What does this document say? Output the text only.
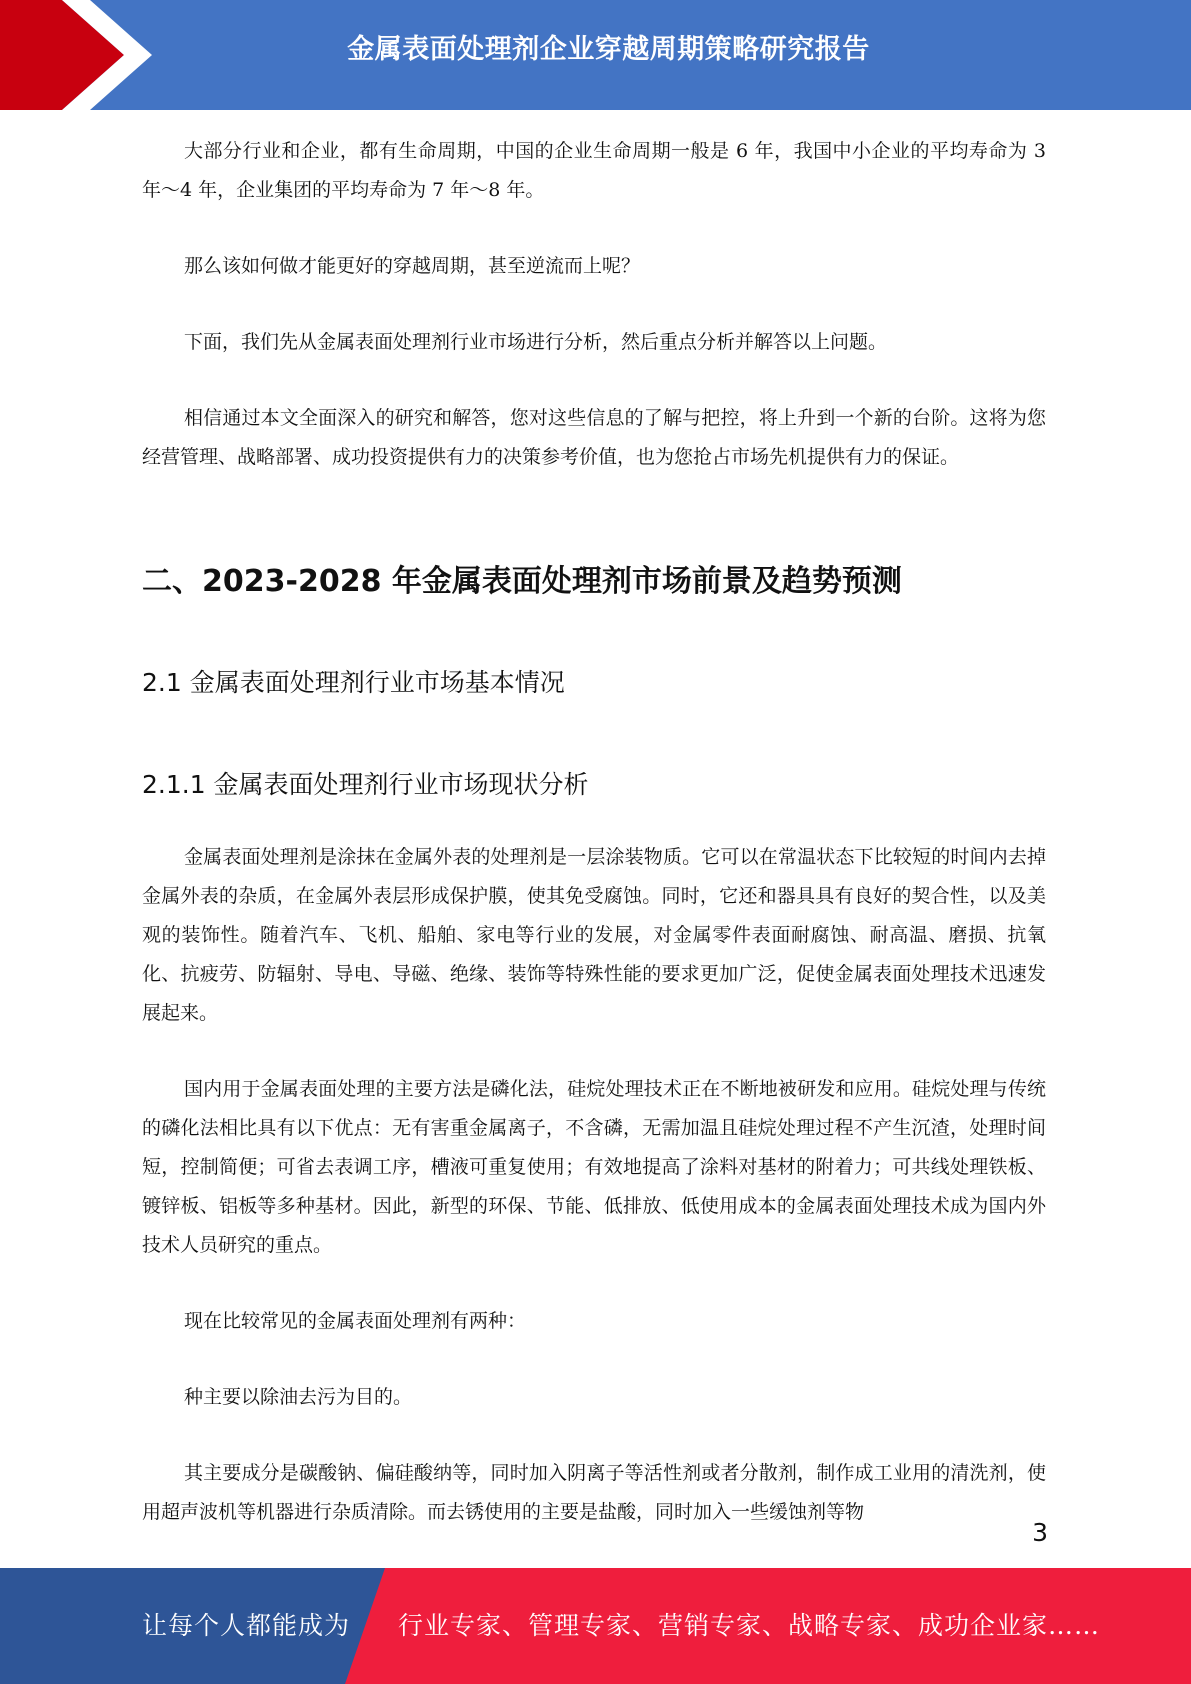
金属表面处理剂企业穿越周期策略研究报告

大部分行业和企业，都有生命周期，中国的企业生命周期一般是 6 年，我国中小企业的平均寿命为 3 年～4 年，企业集团的平均寿命为 7 年～8 年。

那么该如何做才能更好的穿越周期，甚至逆流而上呢？

下面，我们先从金属表面处理剂行业市场进行分析，然后重点分析并解答以上问题。

相信通过本文全面深入的研究和解答，您对这些信息的了解与把控，将上升到一个新的台阶。这将为您经营管理、战略部署、成功投资提供有力的决策参考价值，也为您抢占市场先机提供有力的保证。

二、2023-2028 年金属表面处理剂市场前景及趋势预测
2.1 金属表面处理剂行业市场基本情况
2.1.1 金属表面处理剂行业市场现状分析

金属表面处理剂是涂抹在金属外表的处理剂是一层涂装物质。它可以在常温状态下比较短的时间内去掉金属外表的杂质，在金属外表层形成保护膜，使其免受腐蚀。同时，它还和器具具有良好的契合性，以及美观的装饰性。随着汽车、飞机、船舶、家电等行业的发展，对金属零件表面耐腐蚀、耐高温、磨损、抗氧化、抗疲劳、防辐射、导电、导磁、绝缘、装饰等特殊性能的要求更加广泛，促使金属表面处理技术迅速发展起来。

国内用于金属表面处理的主要方法是磷化法，硅烷处理技术正在不断地被研发和应用。硅烷处理与传统的磷化法相比具有以下优点：无有害重金属离子，不含磷，无需加温且硅烷处理过程不产生沉渣，处理时间短，控制简便；可省去表调工序，槽液可重复使用；有效地提高了涂料对基材的附着力；可共线处理铁板、镀锌板、铝板等多种基材。因此，新型的环保、节能、低排放、低使用成本的金属表面处理技术成为国内外技术人员研究的重点。

现在比较常见的金属表面处理剂有两种：

种主要以除油去污为目的。

其主要成分是碳酸钠、偏硅酸纳等，同时加入阴离子等活性剂或者分散剂，制作成工业用的清洗剂，使用超声波机等机器进行杂质清除。而去锈使用的主要是盐酸，同时加入一些缓蚀剂等物

3
让每个人都能成为 行业专家、管理专家、营销专家、战略专家、成功企业家……
